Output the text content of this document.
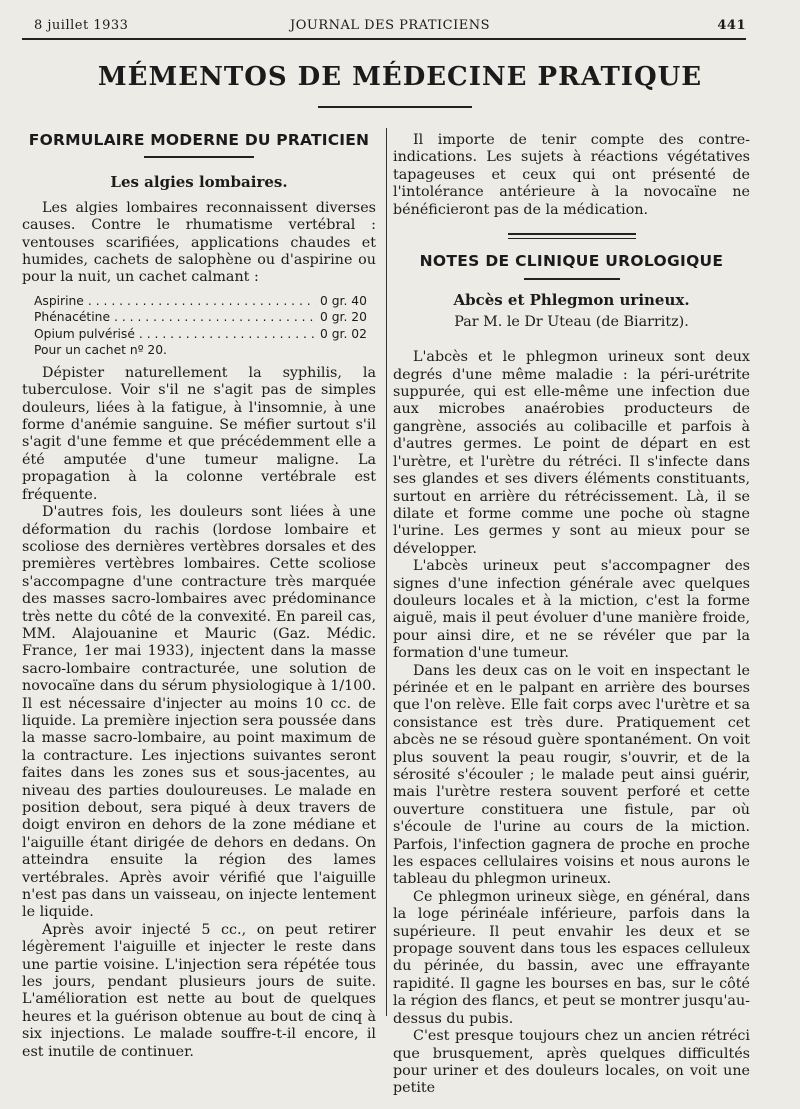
8 juillet 1933	JOURNAL DES PRATICIENS	441
MÉMENTOS DE MÉDECINE PRATIQUE
FORMULAIRE MODERNE DU PRATICIEN
Les algies lombaires.

Les algies lombaires reconnaissent diverses causes. Contre le rhumatisme vertébral : ventouses scarifiées, applications chaudes et humides, cachets de salophène ou d'aspirine ou pour la nuit, un cachet calmant :

Aspirine . . .	0 gr. 40
Phénacétine . . .	0 gr. 20
Opium pulvérisé . . .	0 gr. 02
Pour un cachet nº 20.

Dépister naturellement la syphilis, la tuberculose. Voir s'il ne s'agit pas de simples douleurs, liées à la fatigue, à l'insomnie, à une forme d'anémie sanguine. Se méfier surtout s'il s'agit d'une femme et que précédemment elle a été amputée d'une tumeur maligne. La propagation à la colonne vertébrale est fréquente.

D'autres fois, les douleurs sont liées à une déformation du rachis (lordose lombaire et scoliose des dernières vertèbres dorsales et des premières vertèbres lombaires. Cette scoliose s'accompagne d'une contracture très marquée des masses sacro-lombaires avec prédominance très nette du côté de la convexité. En pareil cas, MM. Alajouanine et Mauric (Gaz. Médic. France, 1er mai 1933), injectent dans la masse sacro-lombaire contracturée, une solution de novocaïne dans du sérum physiologique à 1/100. Il est nécessaire d'injecter au moins 10 cc. de liquide. La première injection sera poussée dans la masse sacro-lombaire, au point maximum de la contracture. Les injections suivantes seront faites dans les zones sus et sous-jacentes, au niveau des parties douloureuses. Le malade en position debout, sera piqué à deux travers de doigt environ en dehors de la zone médiane et l'aiguille étant dirigée de dehors en dedans. On atteindra ensuite la région des lames vertébrales. Après avoir vérifié que l'aiguille n'est pas dans un vaisseau, on injecte lentement le liquide.

Après avoir injecté 5 cc., on peut retirer légèrement l'aiguille et injecter le reste dans une partie voisine. L'injection sera répétée tous les jours, pendant plusieurs jours de suite. L'amélioration est nette au bout de quelques heures et la guérison obtenue au bout de cinq à six injections. Le malade souffre-t-il encore, il est inutile de continuer.

Il importe de tenir compte des contre-indications. Les sujets à réactions végétatives tapageuses et ceux qui ont présenté de l'intolérance antérieure à la novocaïne ne bénéficieront pas de la médication.

NOTES DE CLINIQUE UROLOGIQUE
Abcès et Phlegmon urineux.
Par M. le Dr Uteau (de Biarritz).

L'abcès et le phlegmon urineux sont deux degrés d'une même maladie : la péri-urétrite suppurée, qui est elle-même une infection due aux microbes anaérobies producteurs de gangrène, associés au colibacille et parfois à d'autres germes. Le point de départ en est l'urètre, et l'urètre du rétréci. Il s'infecte dans ses glandes et ses divers éléments constituants, surtout en arrière du rétrécissement. Là, il se dilate et forme comme une poche où stagne l'urine. Les germes y sont au mieux pour se développer.

L'abcès urineux peut s'accompagner des signes d'une infection générale avec quelques douleurs locales et à la miction, c'est la forme aiguë, mais il peut évoluer d'une manière froide, pour ainsi dire, et ne se révéler que par la formation d'une tumeur.

Dans les deux cas on le voit en inspectant le périnée et en le palpant en arrière des bourses que l'on relève. Elle fait corps avec l'urètre et sa consistance est très dure. Pratiquement cet abcès ne se résoud guère spontanément. On voit plus souvent la peau rougir, s'ouvrir, et de la sérosité s'écouler ; le malade peut ainsi guérir, mais l'urètre restera souvent perforé et cette ouverture constituera une fistule, par où s'écoule de l'urine au cours de la miction. Parfois, l'infection gagnera de proche en proche les espaces cellulaires voisins et nous aurons le tableau du phlegmon urineux.

Ce phlegmon urineux siège, en général, dans la loge périnéale inférieure, parfois dans la supérieure. Il peut envahir les deux et se propage souvent dans tous les espaces celluleux du périnée, du bassin, avec une effrayante rapidité. Il gagne les bourses en bas, sur le côté la région des flancs, et peut se montrer jusqu'au-dessus du pubis.

C'est presque toujours chez un ancien rétréci que brusquement, après quelques difficultés pour uriner et des douleurs locales, on voit une petite
